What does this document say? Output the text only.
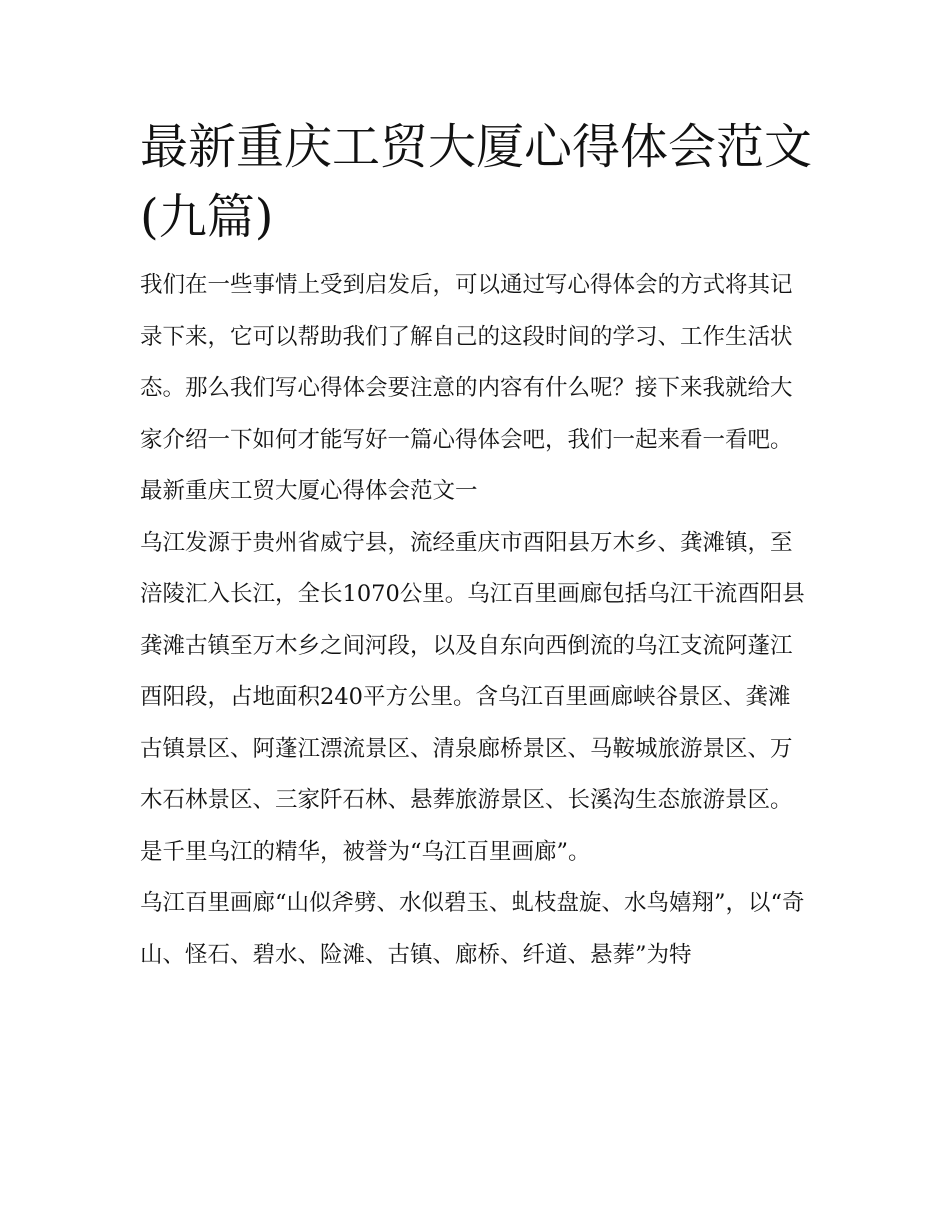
最新重庆工贸大厦心得体会范文(九篇)

我们在一些事情上受到启发后，可以通过写心得体会的方式将其记录下来，它可以帮助我们了解自己的这段时间的学习、工作生活状态。那么我们写心得体会要注意的内容有什么呢？接下来我就给大家介绍一下如何才能写好一篇心得体会吧，我们一起来看一看吧。

最新重庆工贸大厦心得体会范文一

乌江发源于贵州省威宁县，流经重庆市酉阳县万木乡、龚滩镇，至涪陵汇入长江，全长1070公里。乌江百里画廊包括乌江干流酉阳县龚滩古镇至万木乡之间河段，以及自东向西倒流的乌江支流阿蓬江酉阳段，占地面积240平方公里。含乌江百里画廊峡谷景区、龚滩古镇景区、阿蓬江漂流景区、清泉廊桥景区、马鞍城旅游景区、万木石林景区、三家阡石林、悬葬旅游景区、长溪沟生态旅游景区。是千里乌江的精华，被誉为“乌江百里画廊”。

乌江百里画廊“山似斧劈、水似碧玉、虬枝盘旋、水鸟嬉翔”，以“奇山、怪石、碧水、险滩、古镇、廊桥、纤道、悬葬”为特
